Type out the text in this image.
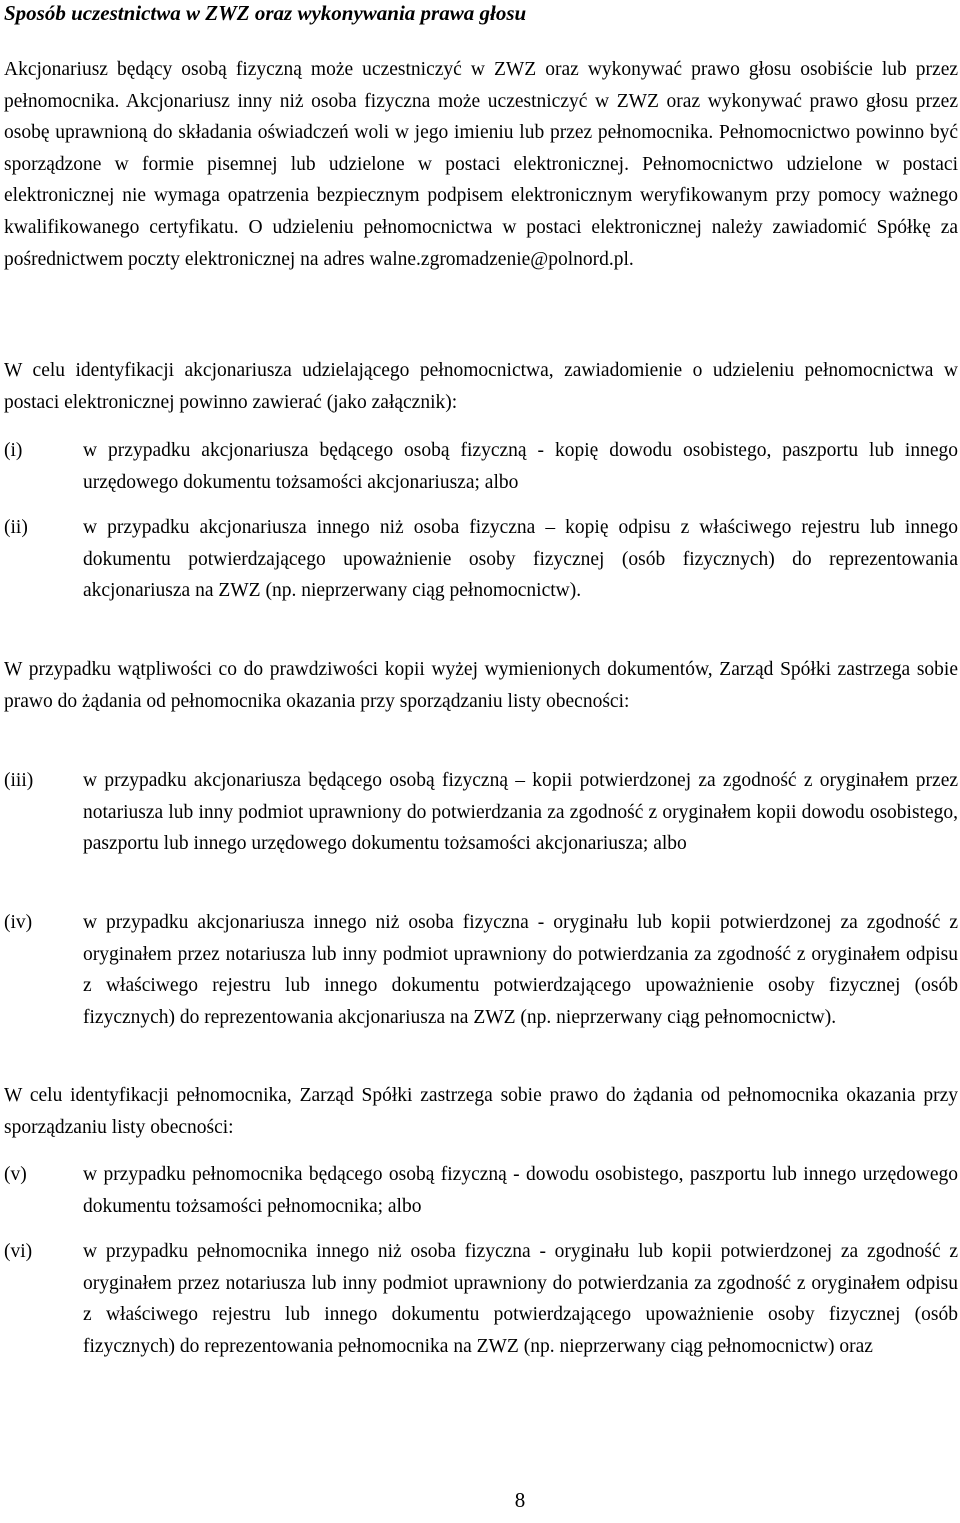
Sposób uczestnictwa w ZWZ oraz wykonywania prawa głosu

Akcjonariusz będący osobą fizyczną może uczestniczyć w ZWZ oraz wykonywać prawo głosu osobiście lub przez pełnomocnika. Akcjonariusz inny niż osoba fizyczna może uczestniczyć w ZWZ oraz wykonywać prawo głosu przez osobę uprawnioną do składania oświadczeń woli w jego imieniu lub przez pełnomocnika. Pełnomocnictwo powinno być sporządzone w formie pisemnej lub udzielone w postaci elektronicznej. Pełnomocnictwo udzielone w postaci elektronicznej nie wymaga opatrzenia bezpiecznym podpisem elektronicznym weryfikowanym przy pomocy ważnego kwalifikowanego certyfikatu. O udzieleniu pełnomocnictwa w postaci elektronicznej należy zawiadomić Spółkę za pośrednictwem poczty elektronicznej na adres walne.zgromadzenie@polnord.pl.

W celu identyfikacji akcjonariusza udzielającego pełnomocnictwa, zawiadomienie o udzieleniu pełnomocnictwa w postaci elektronicznej powinno zawierać (jako załącznik):

(i)	w przypadku akcjonariusza będącego osobą fizyczną - kopię dowodu osobistego, paszportu lub innego urzędowego dokumentu tożsamości akcjonariusza; albo
(ii)	w przypadku akcjonariusza innego niż osoba fizyczna – kopię odpisu z właściwego rejestru lub innego dokumentu potwierdzającego upoważnienie osoby fizycznej (osób fizycznych) do reprezentowania akcjonariusza na ZWZ (np. nieprzerwany ciąg pełnomocnictw).

W przypadku wątpliwości co do prawdziwości kopii wyżej wymienionych dokumentów, Zarząd Spółki zastrzega sobie prawo do żądania od pełnomocnika okazania przy sporządzaniu listy obecności:

(iii)	w przypadku akcjonariusza będącego osobą fizyczną – kopii potwierdzonej za zgodność z oryginałem przez notariusza lub inny podmiot uprawniony do potwierdzania za zgodność z oryginałem kopii dowodu osobistego, paszportu lub innego urzędowego dokumentu tożsamości akcjonariusza; albo
(iv)	w przypadku akcjonariusza innego niż osoba fizyczna - oryginału lub kopii potwierdzonej za zgodność z oryginałem przez notariusza lub inny podmiot uprawniony do potwierdzania za zgodność z oryginałem odpisu z właściwego rejestru lub innego dokumentu potwierdzającego upoważnienie osoby fizycznej (osób fizycznych) do reprezentowania akcjonariusza na ZWZ (np. nieprzerwany ciąg pełnomocnictw).

W celu identyfikacji pełnomocnika, Zarząd Spółki zastrzega sobie prawo do żądania od pełnomocnika okazania przy sporządzaniu listy obecności:

(v)	w przypadku pełnomocnika będącego osobą fizyczną - dowodu osobistego, paszportu lub innego urzędowego dokumentu tożsamości pełnomocnika; albo
(vi)	w przypadku pełnomocnika innego niż osoba fizyczna - oryginału lub kopii potwierdzonej za zgodność z oryginałem przez notariusza lub inny podmiot uprawniony do potwierdzania za zgodność z oryginałem odpisu z właściwego rejestru lub innego dokumentu potwierdzającego upoważnienie osoby fizycznej (osób fizycznych) do reprezentowania pełnomocnika na ZWZ (np. nieprzerwany ciąg pełnomocnictw) oraz
8
